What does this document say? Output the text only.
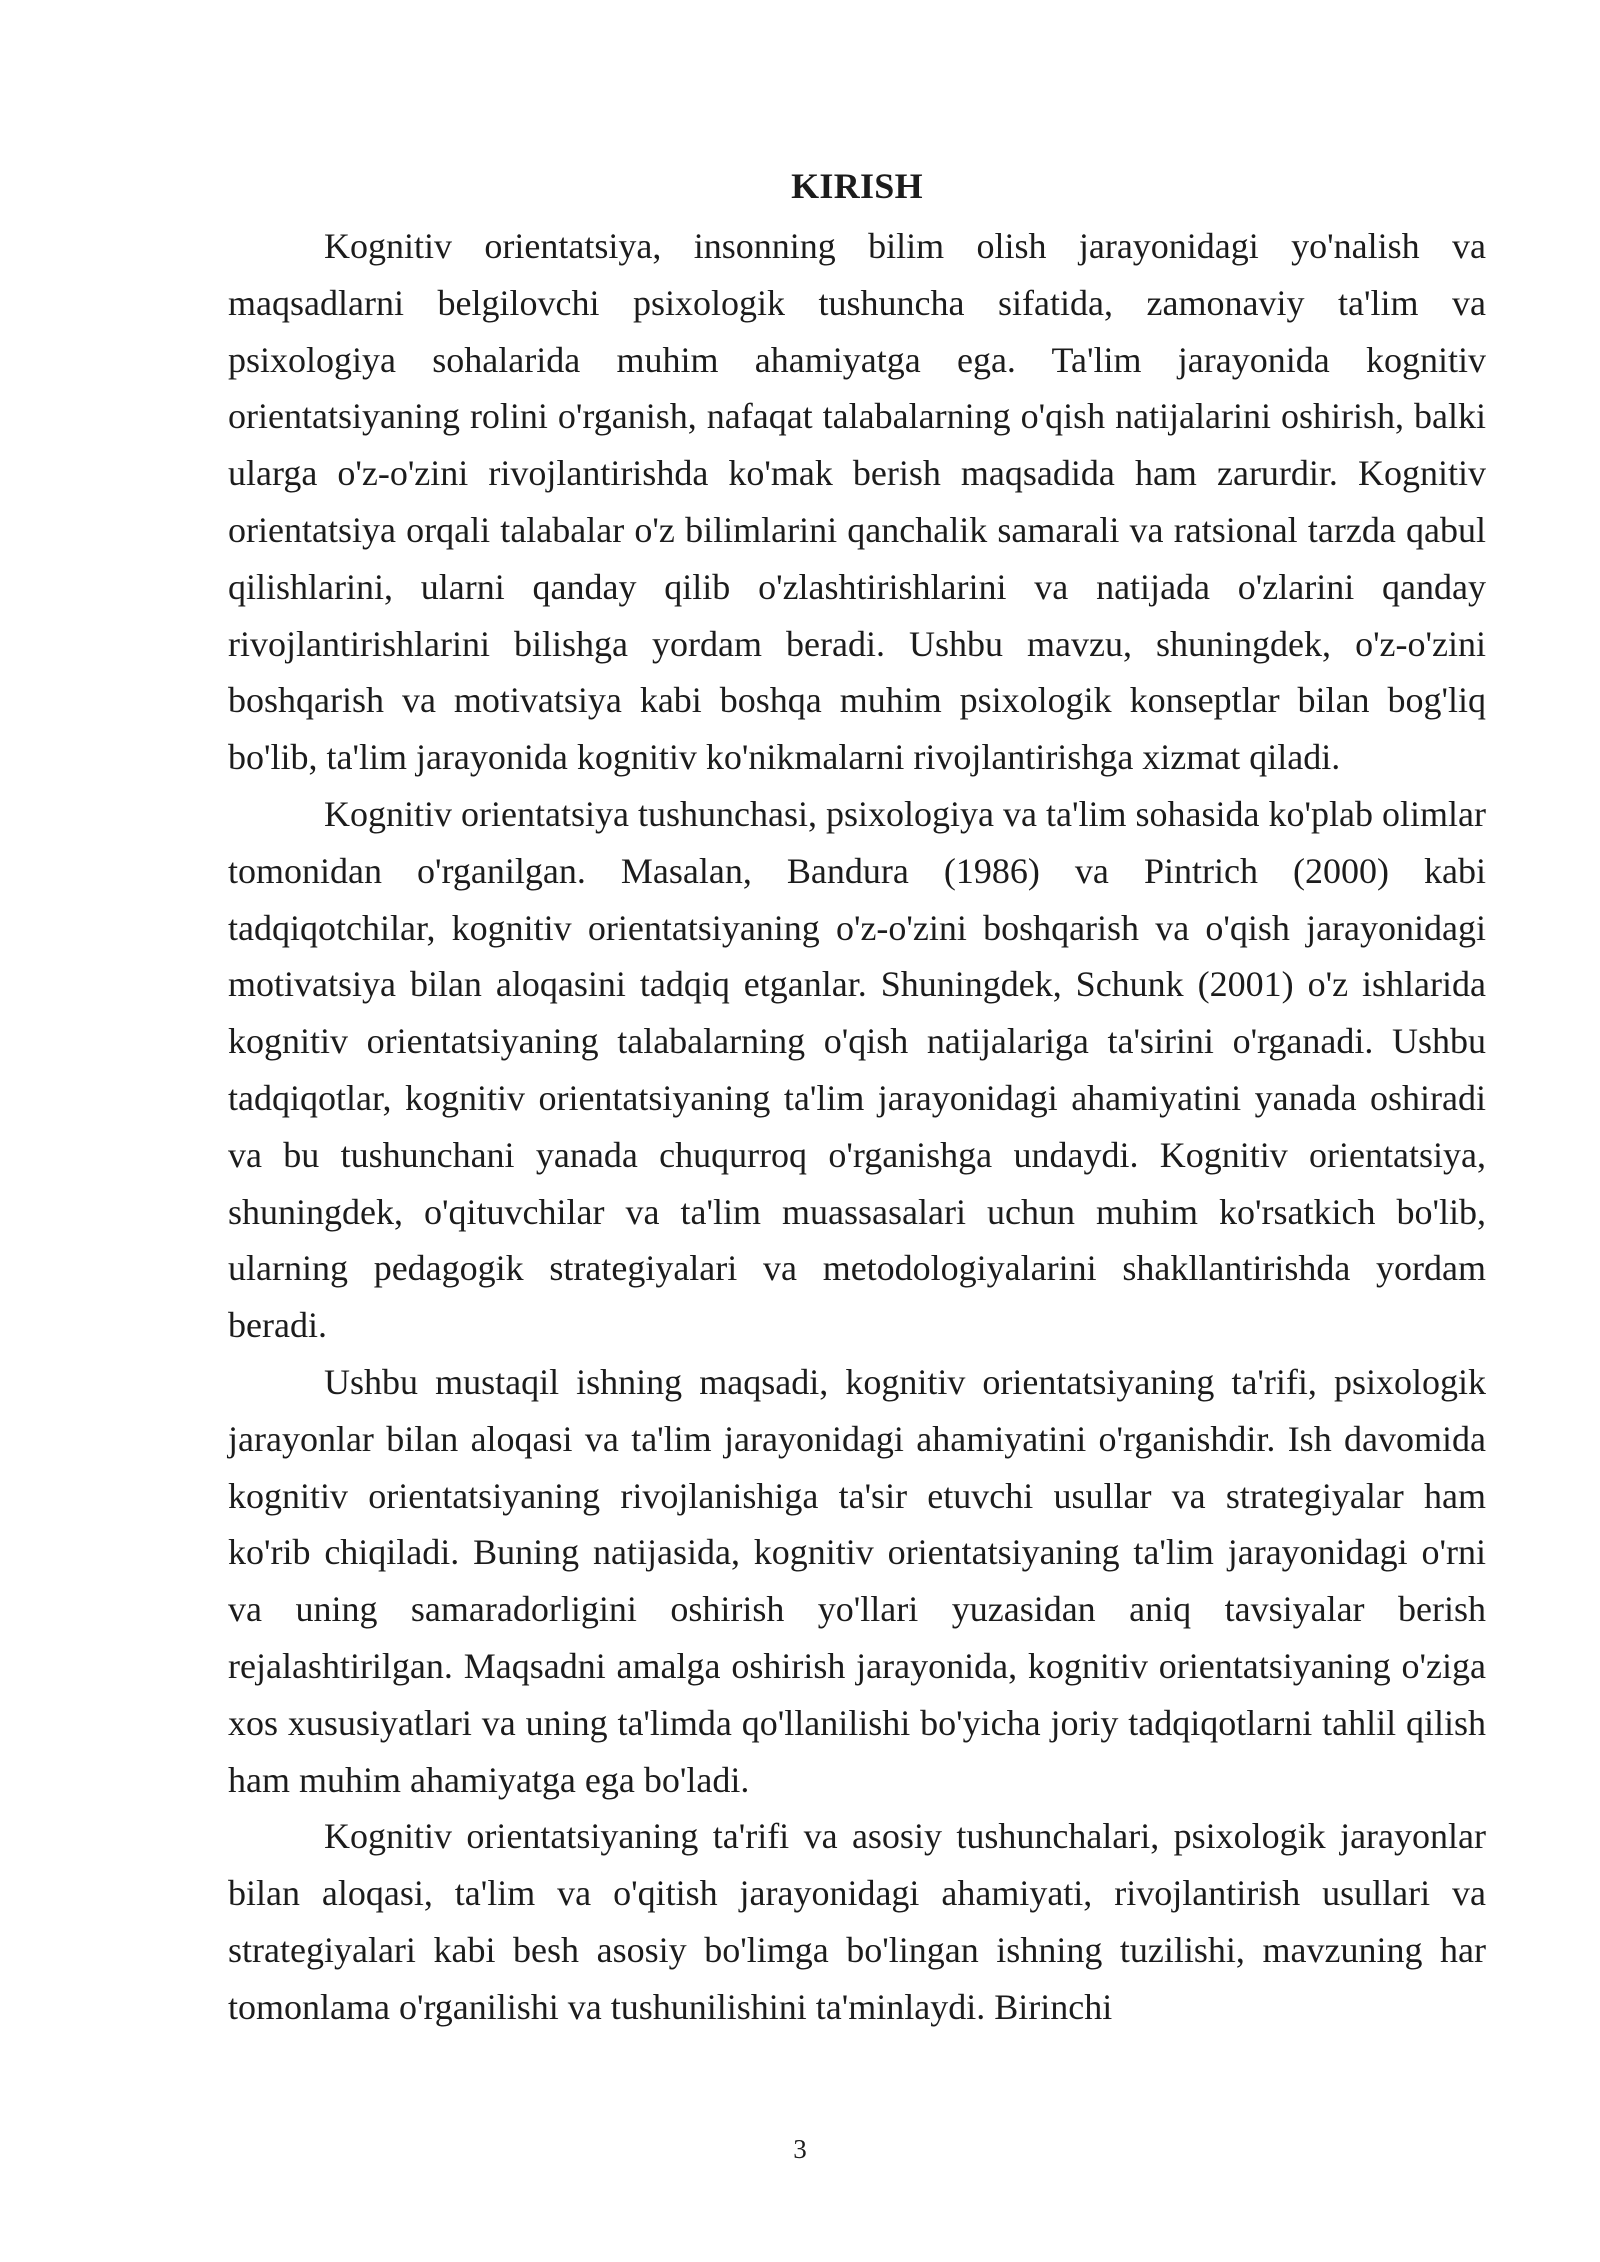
KIRISH

Kognitiv orientatsiya, insonning bilim olish jarayonidagi yo'nalish va maqsadlarni belgilovchi psixologik tushuncha sifatida, zamonaviy ta'lim va psixologiya sohalarida muhim ahamiyatga ega. Ta'lim jarayonida kognitiv orientatsiyaning rolini o'rganish, nafaqat talabalarning o'qish natijalarini oshirish, balki ularga o'z-o'zini rivojlantirishda ko'mak berish maqsadida ham zarurdir. Kognitiv orientatsiya orqali talabalar o'z bilimlarini qanchalik samarali va ratsional tarzda qabul qilishlarini, ularni qanday qilib o'zlashtirishlarini va natijada o'zlarini qanday rivojlantirishlarini bilishga yordam beradi. Ushbu mavzu, shuningdek, o'z-o'zini boshqarish va motivatsiya kabi boshqa muhim psixologik konseptlar bilan bog'liq bo'lib, ta'lim jarayonida kognitiv ko'nikmalarni rivojlantirishga xizmat qiladi.

Kognitiv orientatsiya tushunchasi, psixologiya va ta'lim sohasida ko'plab olimlar tomonidan o'rganilgan. Masalan, Bandura (1986) va Pintrich (2000) kabi tadqiqotchilar, kognitiv orientatsiyaning o'z-o'zini boshqarish va o'qish jarayonidagi motivatsiya bilan aloqasini tadqiq etganlar. Shuningdek, Schunk (2001) o'z ishlarida kognitiv orientatsiyaning talabalarning o'qish natijalariga ta'sirini o'rganadi. Ushbu tadqiqotlar, kognitiv orientatsiyaning ta'lim jarayonidagi ahamiyatini yanada oshiradi va bu tushunchani yanada chuqurroq o'rganishga undaydi. Kognitiv orientatsiya, shuningdek, o'qituvchilar va ta'lim muassasalari uchun muhim ko'rsatkich bo'lib, ularning pedagogik strategiyalari va metodologiyalarini shakllantirishda yordam beradi.

Ushbu mustaqil ishning maqsadi, kognitiv orientatsiyaning ta'rifi, psixologik jarayonlar bilan aloqasi va ta'lim jarayonidagi ahamiyatini o'rganishdir. Ish davomida kognitiv orientatsiyaning rivojlanishiga ta'sir etuvchi usullar va strategiyalar ham ko'rib chiqiladi. Buning natijasida, kognitiv orientatsiyaning ta'lim jarayonidagi o'rni va uning samaradorligini oshirish yo'llari yuzasidan aniq tavsiyalar berish rejalashtirilgan. Maqsadni amalga oshirish jarayonida, kognitiv orientatsiyaning o'ziga xos xususiyatlari va uning ta'limda qo'llanilishi bo'yicha joriy tadqiqotlarni tahlil qilish ham muhim ahamiyatga ega bo'ladi.

Kognitiv orientatsiyaning ta'rifi va asosiy tushunchalari, psixologik jarayonlar bilan aloqasi, ta'lim va o'qitish jarayonidagi ahamiyati, rivojlantirish usullari va strategiyalari kabi besh asosiy bo'limga bo'lingan ishning tuzilishi, mavzuning har tomonlama o'rganilishi va tushunilishini ta'minlaydi. Birinchi

3
